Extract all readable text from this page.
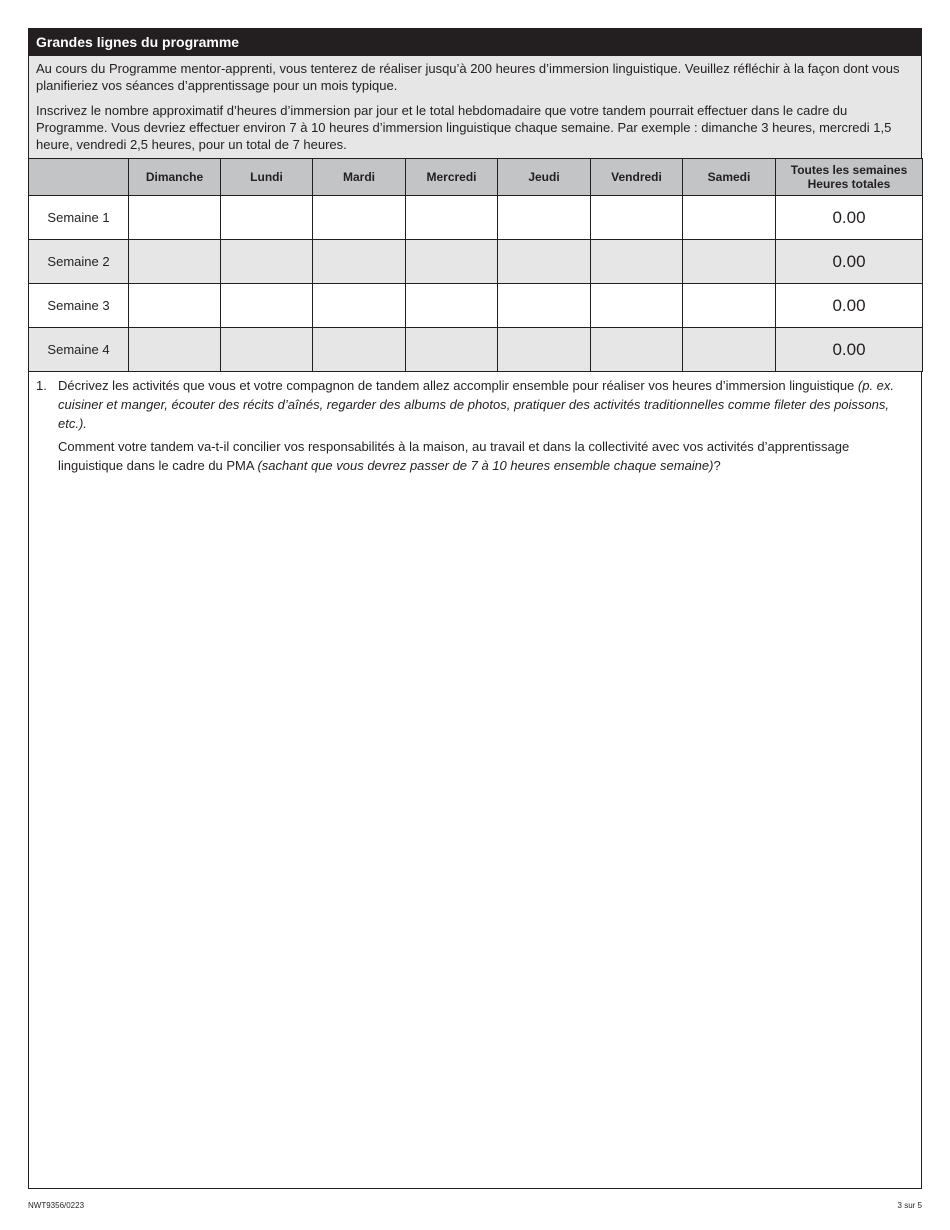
Grandes lignes du programme

Au cours du Programme mentor-apprenti, vous tenterez de réaliser jusqu’à 200 heures d’immersion linguistique. Veuillez réfléchir à la façon dont vous planifieriez vos séances d’apprentissage pour un mois typique.

Inscrivez le nombre approximatif d’heures d’immersion par jour et le total hebdomadaire que votre tandem pourrait effectuer dans le cadre du Programme. Vous devriez effectuer environ 7 à 10 heures d’immersion linguistique chaque semaine. Par exemple : dimanche 3 heures, mercredi 1,5 heure, vendredi 2,5 heures, pour un total de 7 heures.

	Dimanche	Lundi	Mardi	Mercredi	Jeudi	Vendredi	Samedi	Toutes les semaines
Heures totales
Semaine 1								0.00
Semaine 2								0.00
Semaine 3								0.00
Semaine 4								0.00
1. Décrivez les activités que vous et votre compagnon de tandem allez accomplir ensemble pour réaliser vos heures d’immersion linguistique (p. ex. cuisiner et manger, écouter des récits d’aînés, regarder des albums de photos, pratiquer des activités traditionnelles comme fileter des poissons, etc.).

Comment votre tandem va-t-il concilier vos responsabilités à la maison, au travail et dans la collectivité avec vos activités d’apprentissage linguistique dans le cadre du PMA (sachant que vous devrez passer de 7 à 10 heures ensemble chaque semaine)?

NWT9356/0223	3 sur 5
